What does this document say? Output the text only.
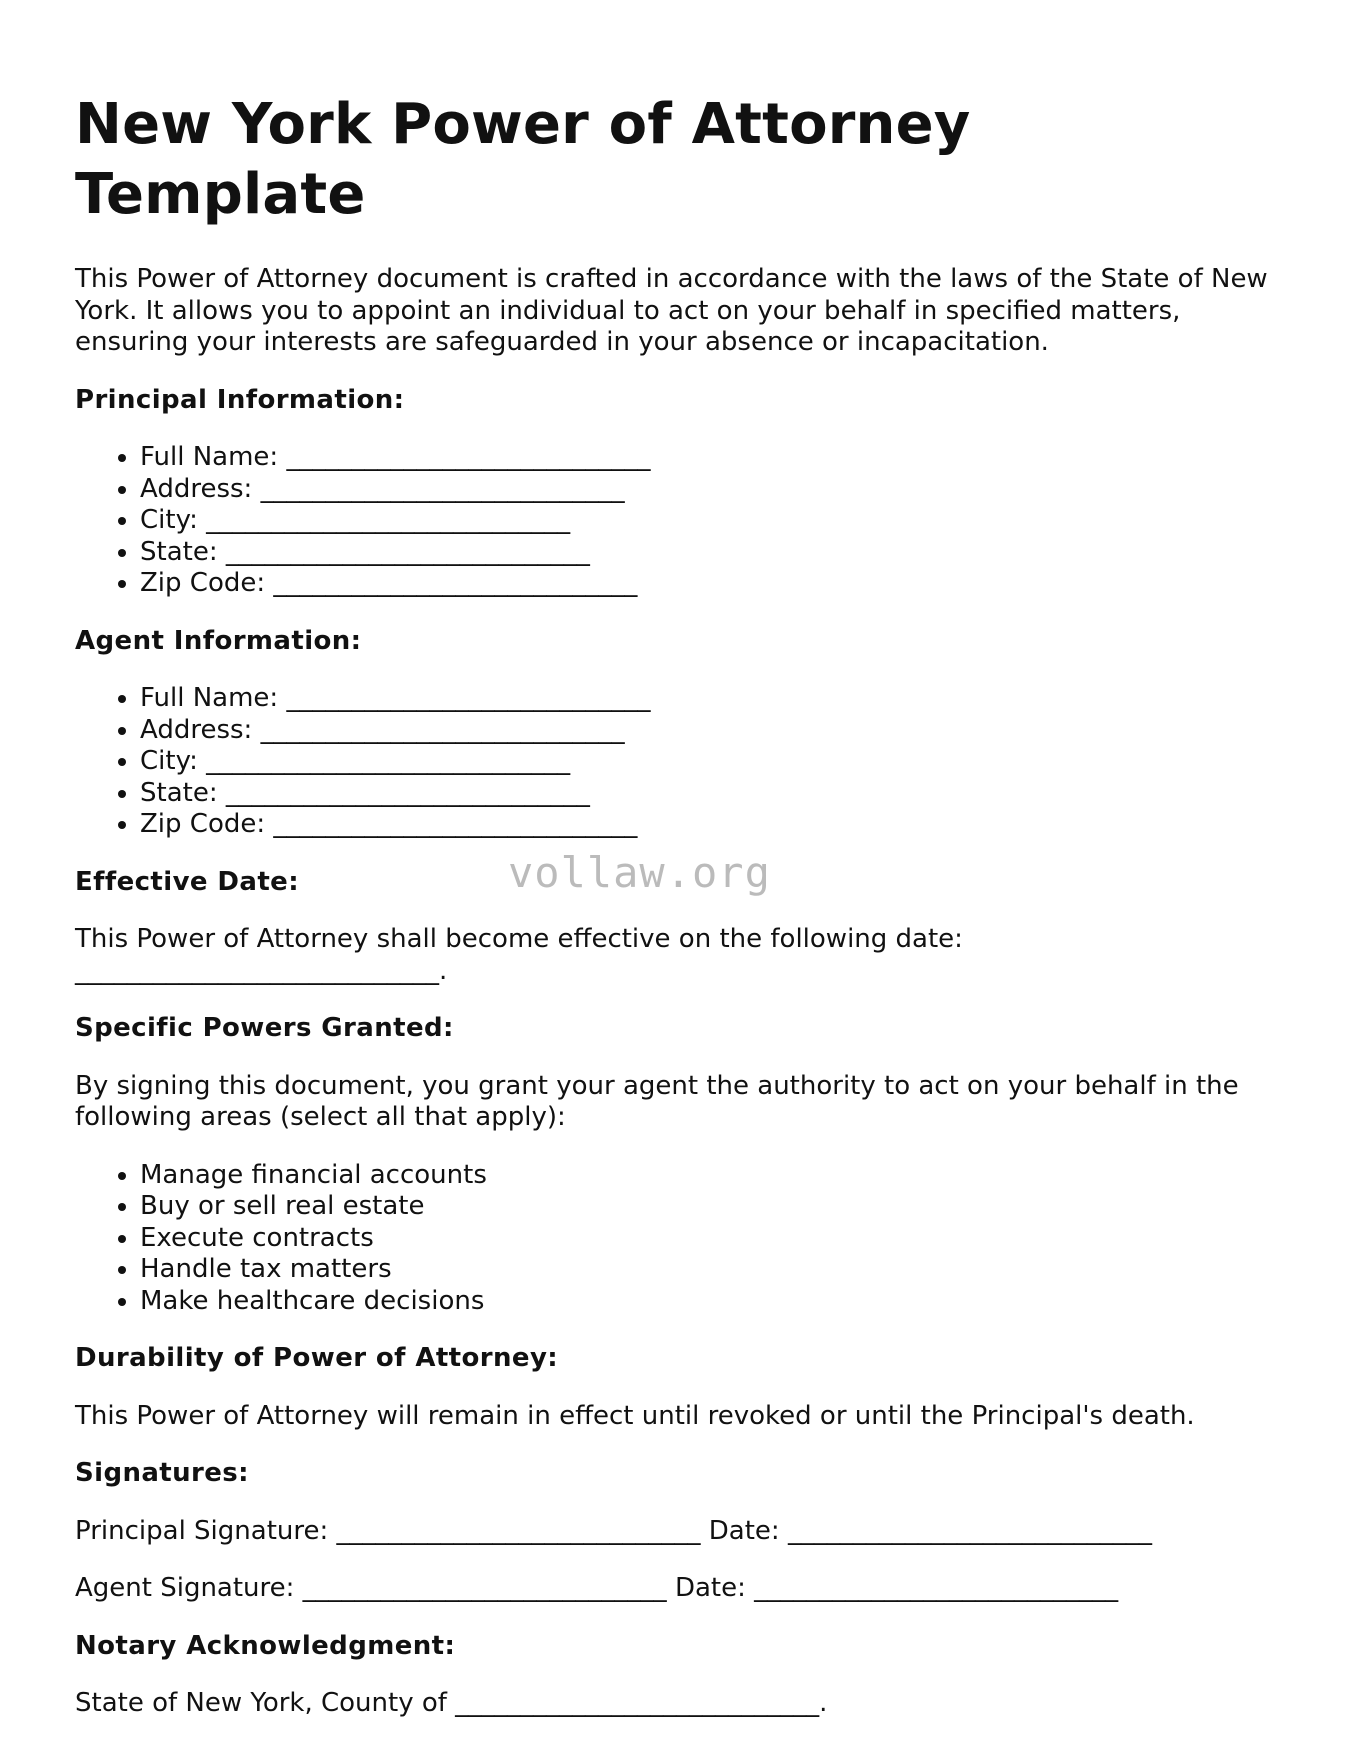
New York Power of Attorney Template

This Power of Attorney document is crafted in accordance with the laws of the State of New York. It allows you to appoint an individual to act on your behalf in specified matters, ensuring your interests are safeguarded in your absence or incapacitation.

Principal Information:
• Full Name: ____________________________
• Address: ____________________________
• City: ____________________________
• State: ____________________________
• Zip Code: ____________________________
Agent Information:
• Full Name: ____________________________
• Address: ____________________________
• City: ____________________________
• State: ____________________________
• Zip Code: ____________________________
Effective Date:

This Power of Attorney shall become effective on the following date: ____________________________.

Specific Powers Granted:

By signing this document, you grant your agent the authority to act on your behalf in the following areas (select all that apply):

• Manage financial accounts
• Buy or sell real estate
• Execute contracts
• Handle tax matters
• Make healthcare decisions
Durability of Power of Attorney:

This Power of Attorney will remain in effect until revoked or until the Principal's death.

Signatures:

Principal Signature: ____________________________ Date: ____________________________

Agent Signature: ____________________________ Date: ____________________________

Notary Acknowledgment:

State of New York, County of ____________________________.

vollaw.org
